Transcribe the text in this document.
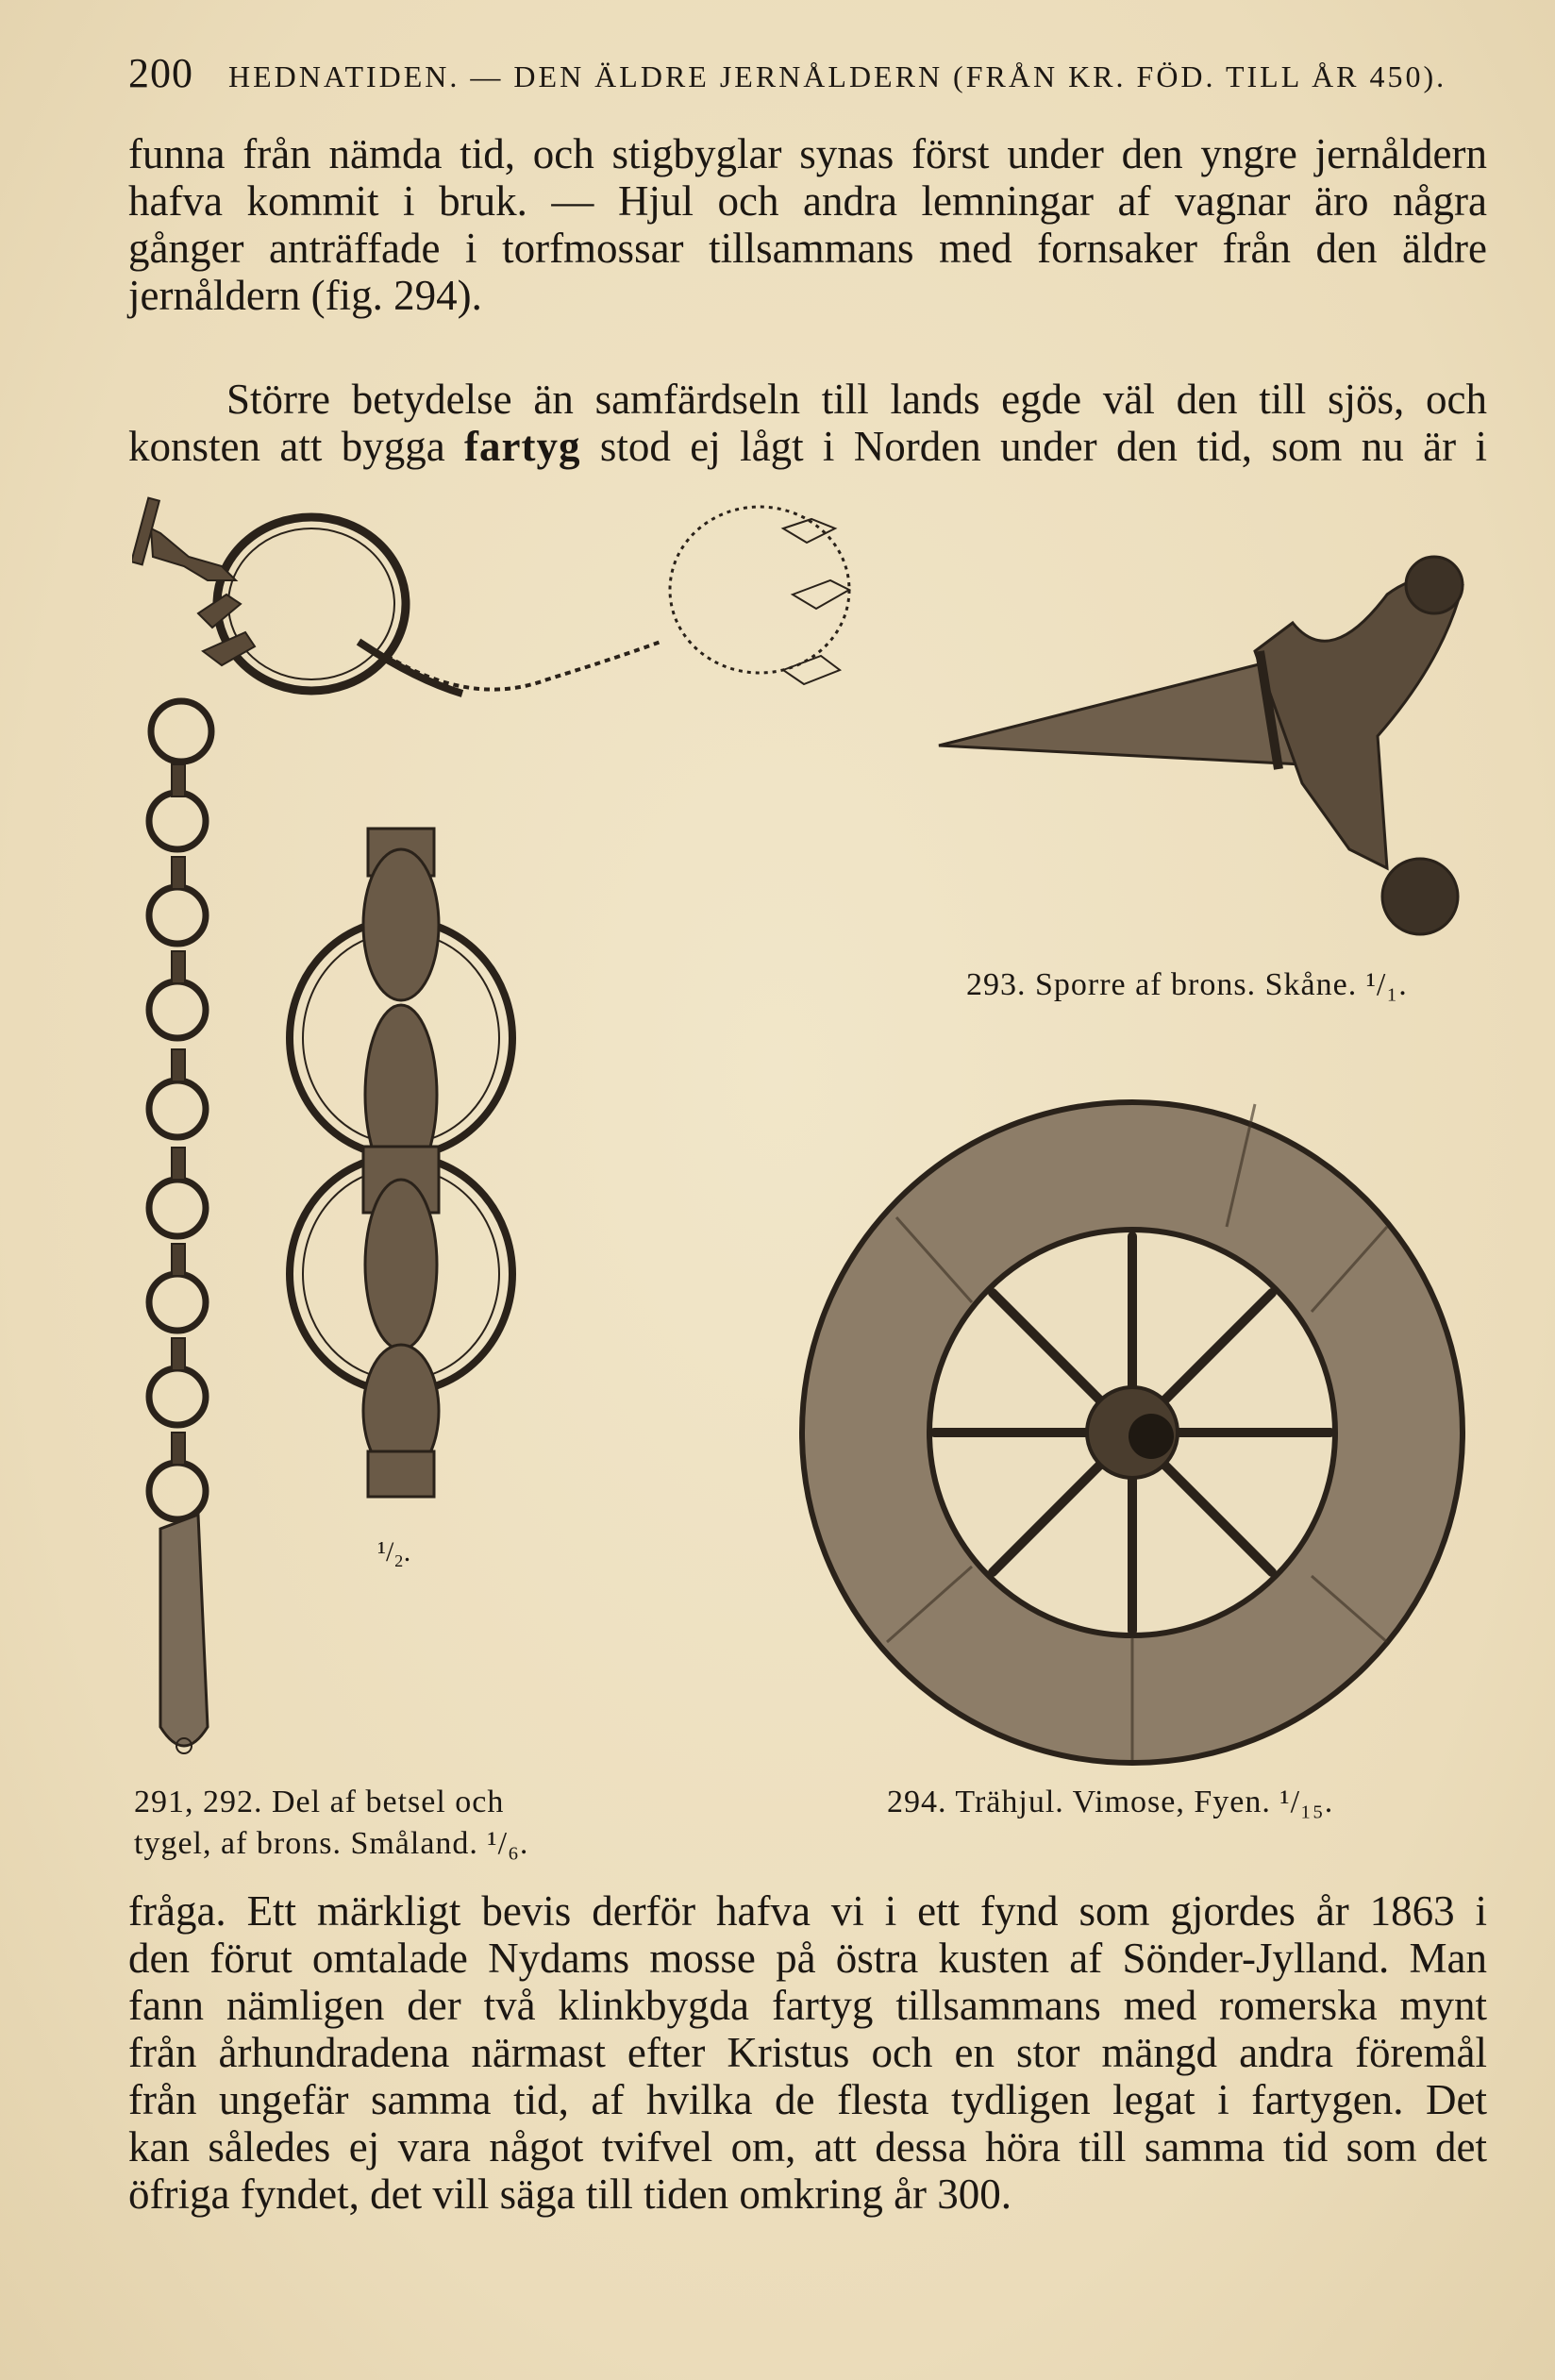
200 HEDNATIDEN. — DEN ÄLDRE JERNÅLDERN (FRÅN KR. FÖD. TILL ÅR 450).
funna från nämda tid, och stigbyglar synas först under den yngre jernåldern
hafva kommit i bruk. — Hjul och andra lemningar af vagnar äro några
gånger anträffade i torfmossar tillsammans med fornsaker från den äldre
jernåldern (fig. 294).
Större betydelse än samfärdseln till lands egde väl den till sjös, och
konsten att bygga fartyg stod ej lågt i Norden under den tid, som nu är i
¹/₂.
293. Sporre af brons. Skåne. ¹/₁.
291, 292. Del af betsel och
tygel, af brons. Småland. ¹/₆.
294. Trähjul. Vimose, Fyen. ¹/₁₅.
fråga. Ett märkligt bevis derför hafva vi i ett fynd som gjordes år 1863 i
den förut omtalade Nydams mosse på östra kusten af Sönder-Jylland. Man
fann nämligen der två klinkbygda fartyg tillsammans med romerska mynt
från århundradena närmast efter Kristus och en stor mängd andra föremål
från ungefär samma tid, af hvilka de flesta tydligen legat i fartygen. Det
kan således ej vara något tvifvel om, att dessa höra till samma tid som det
öfriga fyndet, det vill säga till tiden omkring år 300.
